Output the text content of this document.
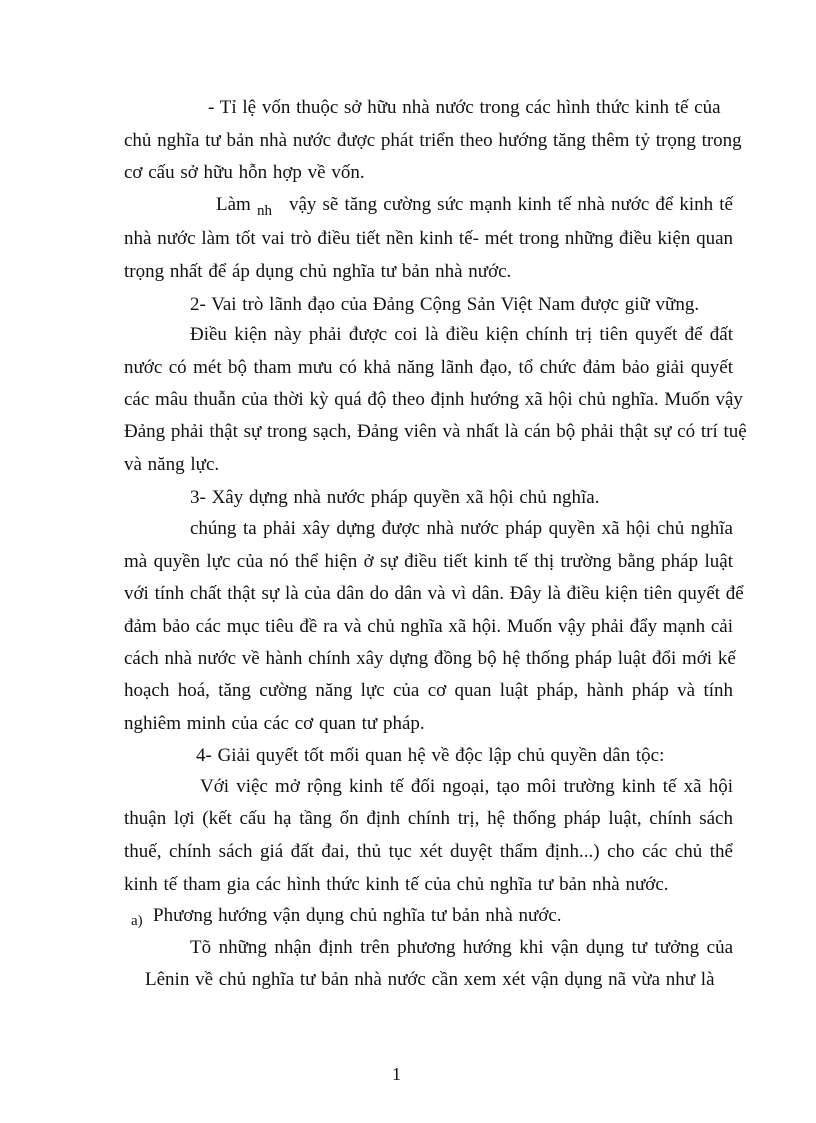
- Tỉ lệ vốn thuộc sở hữu nhà nước trong các hình thức kinh tế của
chủ nghĩa tư bản nhà nước được phát triển theo hướng tăng thêm tỷ trọng trong
cơ cấu sở hữu hỗn hợp về vốn.
Làm nh vậy sẽ tăng cường sức mạnh kinh tế nhà nước để kinh tế
nhà nước làm tốt vai trò điều tiết nền kinh tế- mét trong những điều kiện quan
trọng nhất để áp dụng chủ nghĩa tư bản nhà nước.
2- Vai trò lãnh đạo của Đảng Cộng Sản Việt Nam được giữ vững.
Điều kiện này phải được coi là điều kiện chính trị tiên quyết để đất
nước có mét bộ tham mưu có khả năng lãnh đạo, tổ chức đảm bảo giải quyết
các mâu thuẫn của thời kỳ quá độ theo định hướng xã hội chủ nghĩa. Muốn vậy
Đảng phải thật sự trong sạch, Đảng viên và nhất là cán bộ phải thật sự có trí tuệ
và năng lực.
3- Xây dựng nhà nước pháp quyền xã hội chủ nghĩa.
chúng ta phải xây dựng được nhà nước pháp quyền xã hội chủ nghĩa
mà quyền lực của nó thể hiện ở sự điều tiết kinh tế thị trường bằng pháp luật
với tính chất thật sự là của dân do dân và vì dân. Đây là điều kiện tiên quyết để
đảm bảo các mục tiêu đề ra và chủ nghĩa xã hội. Muốn vậy phải đẩy mạnh cải
cách nhà nước về hành chính xây dựng đồng bộ hệ thống pháp luật đổi mới kế
hoạch hoá, tăng cường năng lực của cơ quan luật pháp, hành pháp và tính
nghiêm minh của các cơ quan tư pháp.
4- Giải quyết tốt mối quan hệ về độc lập chủ quyền dân tộc:
Với việc mở rộng kinh tế đối ngoại, tạo môi trường kinh tế xã hội
thuận lợi (kết cấu hạ tầng ổn định chính trị, hệ thống pháp luật, chính sách
thuế, chính sách giá đất đai, thủ tục xét duyệt thẩm định...) cho các chủ thể
kinh tế tham gia các hình thức kinh tế của chủ nghĩa tư bản nhà nước.
a) Phương hướng vận dụng chủ nghĩa tư bản nhà nước.
Tõ những nhận định trên phương hướng khi vận dụng tư tưởng của
Lênin về chủ nghĩa tư bản nhà nước cần xem xét vận dụng nã vừa như là
1
